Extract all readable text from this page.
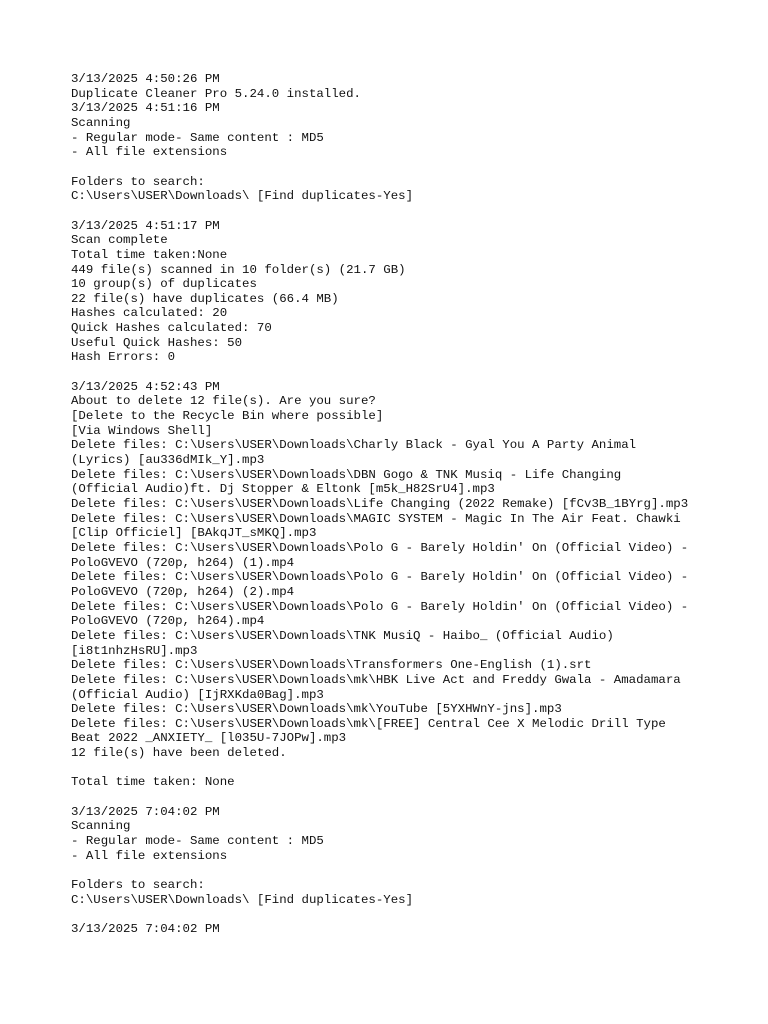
3/13/2025 4:50:26 PM
Duplicate Cleaner Pro 5.24.0 installed.
3/13/2025 4:51:16 PM
Scanning
- Regular mode- Same content : MD5
- All file extensions
Folders to search:
C:\Users\USER\Downloads\ [Find duplicates-Yes]
3/13/2025 4:51:17 PM
Scan complete
Total time taken:None
449 file(s) scanned in 10 folder(s) (21.7 GB)
10 group(s) of duplicates
22 file(s) have duplicates (66.4 MB)
Hashes calculated: 20
Quick Hashes calculated: 70
Useful Quick Hashes: 50
Hash Errors: 0
3/13/2025 4:52:43 PM
About to delete 12 file(s). Are you sure?
[Delete to the Recycle Bin where possible]
[Via Windows Shell]
Delete files: C:\Users\USER\Downloads\Charly Black - Gyal You A Party Animal
(Lyrics) [au336dMIk_Y].mp3
Delete files: C:\Users\USER\Downloads\DBN Gogo & TNK Musiq - Life Changing
(Official Audio)ft. Dj Stopper & Eltonk [m5k_H82SrU4].mp3
Delete files: C:\Users\USER\Downloads\Life Changing (2022 Remake) [fCv3B_1BYrg].mp3
Delete files: C:\Users\USER\Downloads\MAGIC SYSTEM - Magic In The Air Feat. Chawki
[Clip Officiel] [BAkqJT_sMKQ].mp3
Delete files: C:\Users\USER\Downloads\Polo G - Barely Holdin' On (Official Video) -
PoloGVEVO (720p, h264) (1).mp4
Delete files: C:\Users\USER\Downloads\Polo G - Barely Holdin' On (Official Video) -
PoloGVEVO (720p, h264) (2).mp4
Delete files: C:\Users\USER\Downloads\Polo G - Barely Holdin' On (Official Video) -
PoloGVEVO (720p, h264).mp4
Delete files: C:\Users\USER\Downloads\TNK MusiQ - Haibo_ (Official Audio)
[i8t1nhzHsRU].mp3
Delete files: C:\Users\USER\Downloads\Transformers One-English (1).srt
Delete files: C:\Users\USER\Downloads\mk\HBK Live Act and Freddy Gwala - Amadamara
(Official Audio) [IjRXKda0Bag].mp3
Delete files: C:\Users\USER\Downloads\mk\YouTube [5YXHWnY-jns].mp3
Delete files: C:\Users\USER\Downloads\mk\[FREE] Central Cee X Melodic Drill Type
Beat 2022 _ANXIETY_ [l035U-7JOPw].mp3
12 file(s) have been deleted.
Total time taken: None
3/13/2025 7:04:02 PM
Scanning
- Regular mode- Same content : MD5
- All file extensions
Folders to search:
C:\Users\USER\Downloads\ [Find duplicates-Yes]
3/13/2025 7:04:02 PM
